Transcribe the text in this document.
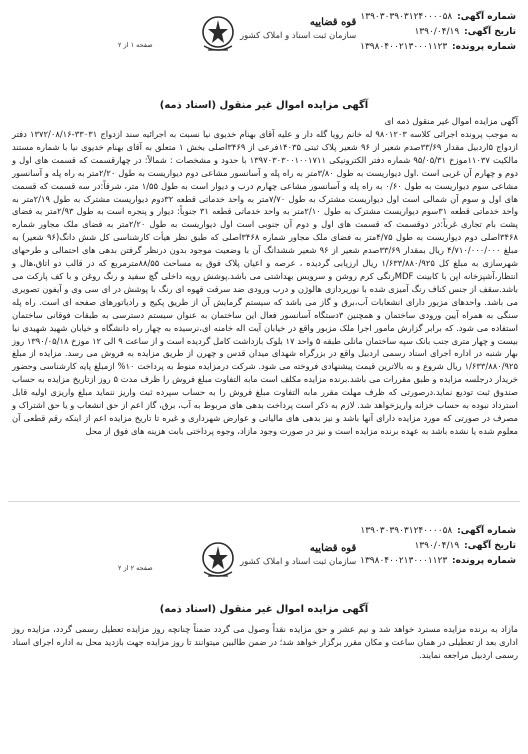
قوه قضاییه
سازمان ثبت اسناد و املاک کشور
صفحه ۱ از ۲
شماره آگهی: ۱۳۹۰۳۰۳۹۰۳۱۲۴۰۰۰۰۵۸
تاریخ آگهی: ۱۳۹۰/۰۴/۱۹
شماره پرونده: ۱۳۹۸۰۴۰۰۲۱۳۰۰۰۱۱۲۳
آگهی مزایده اموال غیر منقول (اسناد ذمه)

آگهی مزایده اموال غیر منقول ذمه ای

به موجب پرونده اجرائی کلاسه ۹۸۰۱۲۰۳ له خانم رویا گله دار و علیه آقای بهنام خدیوی نیا نسبت به اجرائیه سند ازدواج ۳۳۰۳۱-۱۳۷۲/۰۸/۱۶ دفتر ازدواج ۵اردبیل مقدار ۳۳/۶۹صدم شعیر از ۹۶ شعیر پلاک ثبتی ۱۴۰۳۵فرعی از ۳۴۶۹اصلی بخش ۱ متعلق به آقای بهنام خدیوی نیا با شماره مستند مالکیت ۱۱۰۳۷موزخ ۹۵/۰۵/۳۱ شماره دفتر الکترونیکی ۱۳۹۷۰۳۰۳۰۰۱۰۰۱۷۱۱ با حدود و مشخصات : شمالاً: در چهارقسمت که قسمت های اول و دوم و چهارم آن غربی است .اول دیواریست به طول ۳/۸۰متر به راه پله و آسانسور مشاعی دوم دیواریست به طول ۲/۲۰متر به راه پله و آسانسور مشاعی سوم دیواریست به طول ۰/۶۰ به راه پله و آسانسور مشاعی چهارم درب و دیوار است به طول ۱/۵۵ متر، شرقاً:در سه قسمت که قسمت های اول و سوم آن شمالی است اول دیواریست مشترک به طول ۷/۷۰متر به واحد خدماتی قطعه ۳۲دوم دیواریست مشترک به طول ۲/۱۹متر به واحد خدماتی قطعه ۳۱سوم دیواریست مشترک به طول ۲/۱۰متر به واحد خدماتی قطعه ۳۱ جنوباً: دیوار و پنجره است به طول ۲/۹۳متر به فضای پشت بام تجاری غرباً:در دوقسمت که قسمت های اول و دوم آن جنوبی است اول دیواریست به طول ۲/۲۰متر به فضای ملک مجاور شماره ۳۴۶۸اصلی دوم دیواریست به طول ۴/۷۵متر به فضای ملک مجاور شماره ۳۴۶۸اصلی که طبق نظر هیأت کارشناسی کل شش دانگ(۹۶ شعیر) به مبلغ ۴/۷۱۰/۰۰۰/۰۰۰ ریال بمقدار ۳۳/۶۹صدم شعیر از ۹۶ شعیر ششدانگ آن با وضعیت موجود بدون درنظر گرفتن بدهی های احتمالی و طرحهای شهرسازی به مبلغ کل ۱/۶۳۳/۸۸۰/۹۲۵ ریال ارزیابی گردیده ، عرصه و اعیان پلاک فوق به مساحت ۸۸/۵۵مترمربع که در قالب دو اتاق،هال و انتظار،آشپزخانه اپن با کابینت MDFرنگی کرم روشن و سرویس بهداشتی می باشد.پوشش رویه داخلی گچ سفید و رنگ روغن و با کف پارکت می باشد.سقف از جنس کناف رنگ آمیزی شده با نورپردازی هالوژن و درب ورودی ضد سرقت قهوه ای رنگ با پوشش در ای سی وی و آیفون تصویری می باشد. واحدهای مزبور دارای انشعابات آب،برق و گاز می باشد که سیستم گرمایش آن از طریق پکیج و رادیاتورهای صفحه ای است. راه پله سنگی به همراه آیین ورودی ساختمان و همچنین ۳دستگاه آسانسور فعال این ساختمان به عنوان سیستم دسترسی به طبقات فوقانی ساختمان استفاده می شود. که برابر گزارش مامور اجرا ملک مزبور واقع در خیابان آیت اله خامنه ای،نرسیده به چهار راه دانشگاه و خیابان شهید شهیدی نیا بیست و چهار متری جنب بانک سپه ساختمان مانلی طبقه ۵ واحد ۱۷ بلوک بازداشت کامل گردیده است و از ساعت ۹ الی ۱۲ موزخ ۱۳۹۰/۰۵/۱۸ روز بهار شنبه در اداره اجرای اسناد رسمی اردبیل واقع در بزرگراه شهدای میدان قدس و چهرن از طریق مزایده به فروش می رسد. مزایده از مبلغ ۱/۶۳۳/۸۸۰/۹۲۵ ریال شروع و به بالاترین قیمت پیشنهادی فروخته می شود. شرکت درمزایده منوط به پرداخت ۱۰% ازمبلغ پایه کارشناسی وحضور خریدار درجلسه مزایده و طبق مقررات می باشد.برنده مزایده مکلف است مابه التفاوت مبلغ فروش را ظرف مدت ۵ روز ازتاریخ مزایده به حساب صندوق ثبت تودیع نماید.درصورتی که ظرف مهلت مقرر مابه التفاوت مبلغ فروش را به حساب سپرده ثبت واریز ننماید مبلغ واریزی اولیه قابل استرداد نبوده به حساب خزانه واریزخواهد شد. لازم به ذکر است پرداخت بدهی های مربوط به آب، برق، گاز اعم از حق انشعاب و یا حق اشتراک و مصرف در صورتی که مورد مزایده دارای آنها باشد و نیز بدهی های مالیاتی و عوارض شهرداری و غیره تا تاریخ مزایده اعم از اینکه رقم قطعی آن معلوم شده یا نشده باشد به عهده برنده مزایده است و نیز در صورت وجود مازاد، وجوه پرداختی بابت هزینه های فوق از محل

قوه قضاییه
سازمان ثبت اسناد و املاک کشور
صفحه ۲ از ۲
شماره آگهی: ۱۳۹۰۳۰۳۹۰۳۱۲۴۰۰۰۰۵۸
تاریخ آگهی: ۱۳۹۰/۰۴/۱۹
شماره پرونده: ۱۳۹۸۰۴۰۰۲۱۳۰۰۰۱۱۲۳
آگهی مزایده اموال غیر منقول (اسناد ذمه)

مازاد به برنده مزایده مسترد خواهد شد و نیم عشر و حق مزایده نقداً وصول می گردد ضمناً چنانچه روز مزایده تعطیل رسمی گردد، مزایده روز اداری بعد از تعطیلی در همان ساعت و مکان مقرر برگزار خواهد شد؛ در ضمن طالبین میتوانند تا روز مزایده جهت بازدید محل به اداره اجرای اسناد رسمی اردبیل مراجعه نمایند.
